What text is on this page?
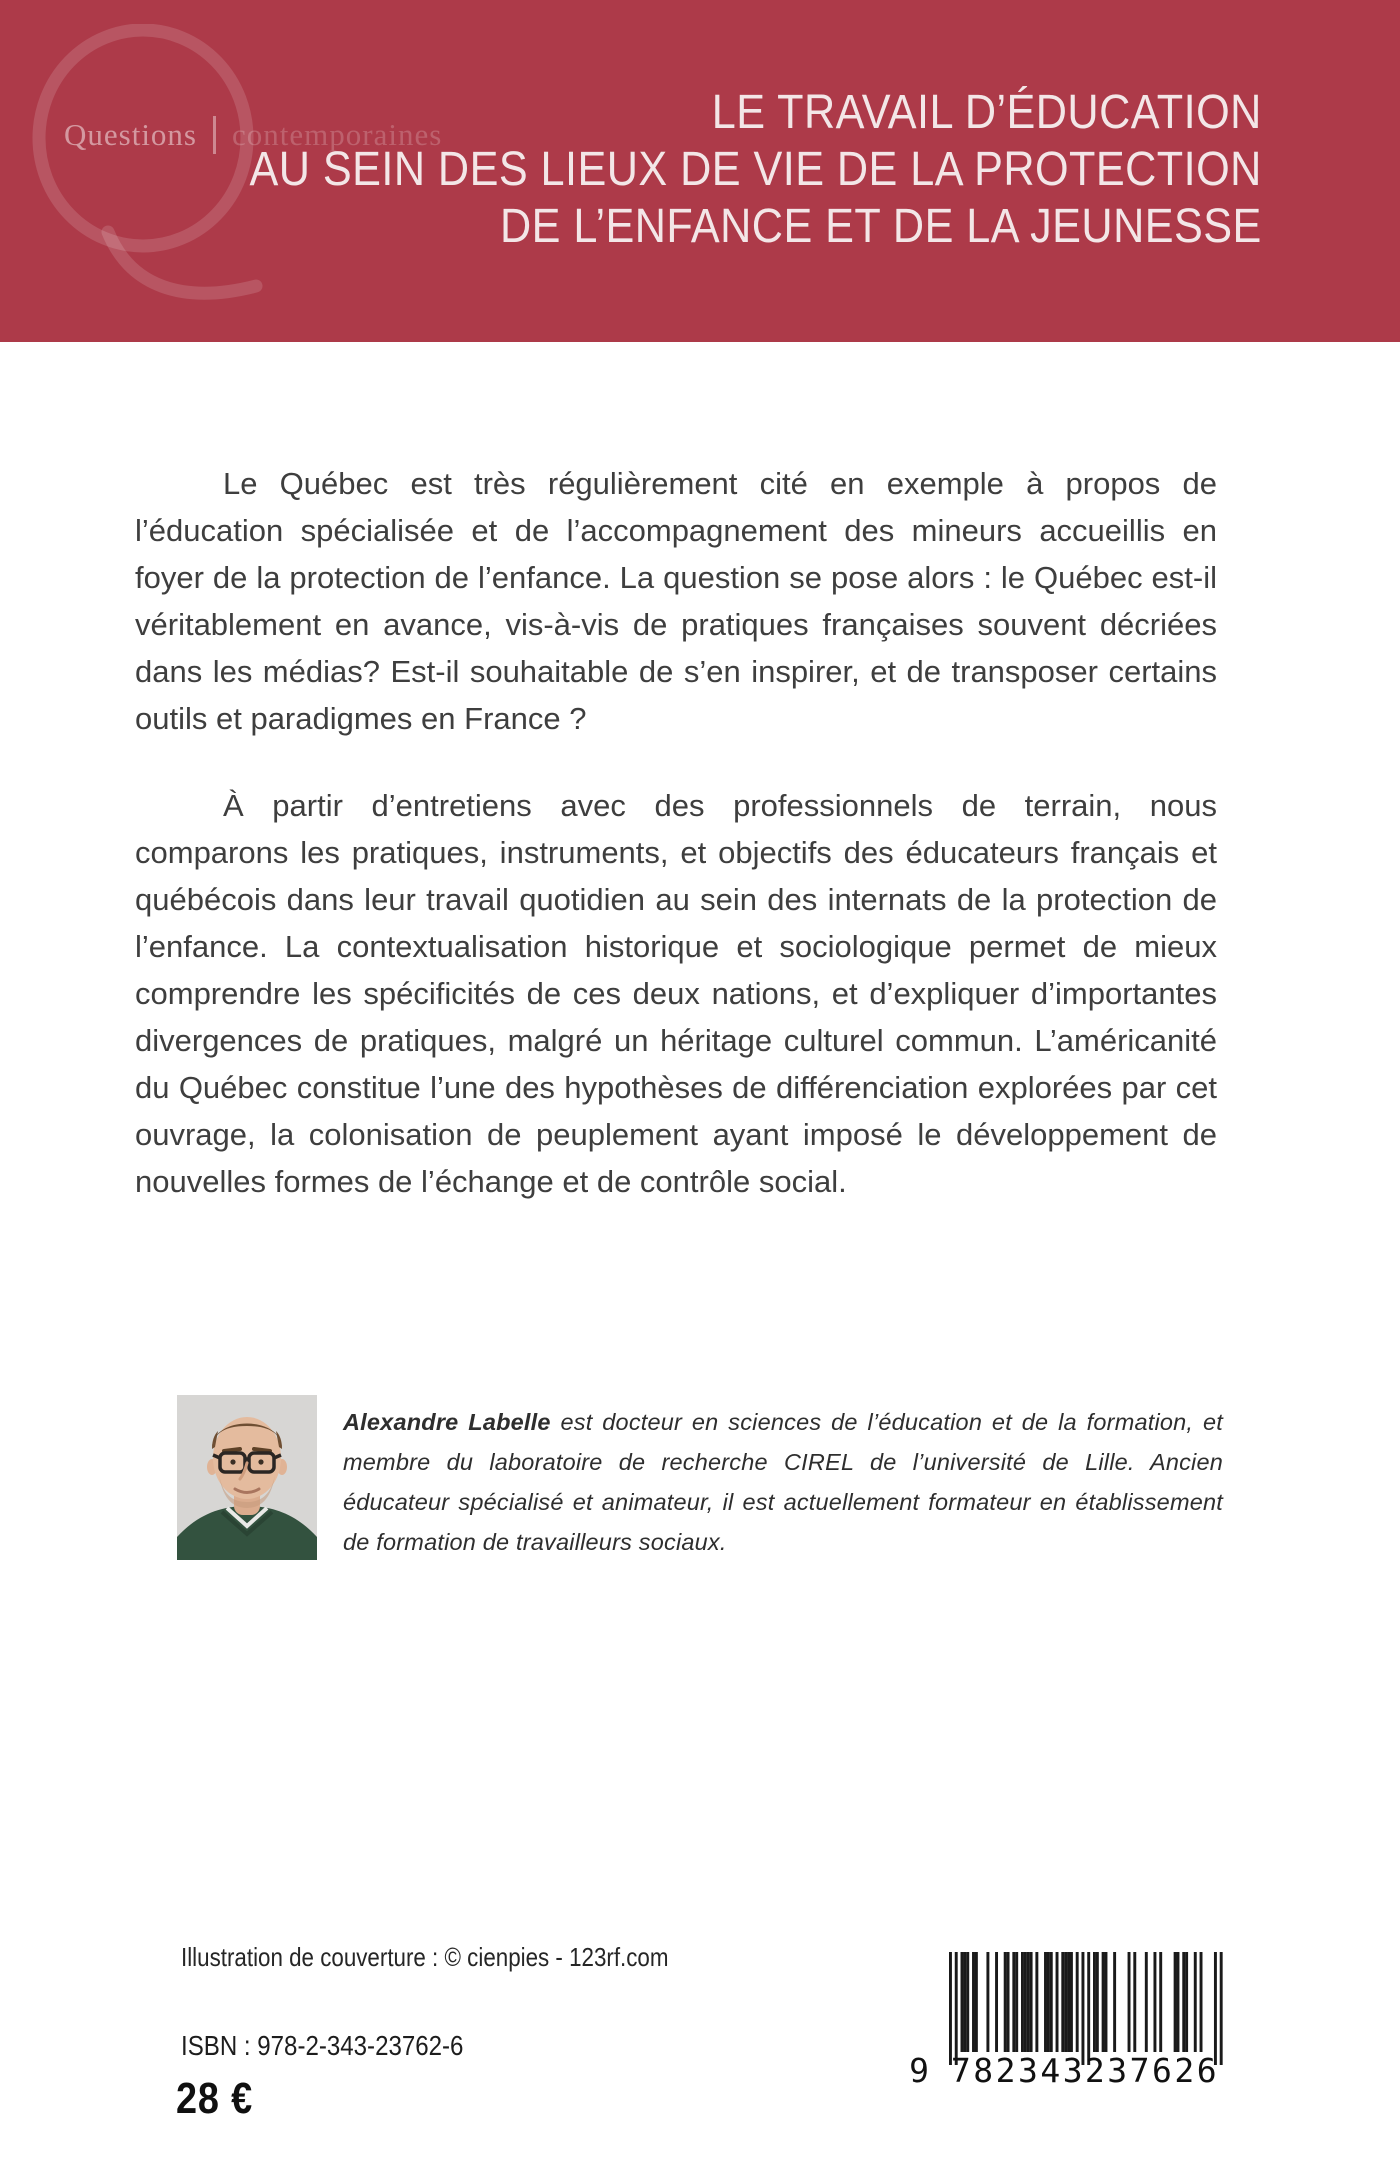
Questions contemporaines	LE TRAVAIL D’ÉDUCATION
AU SEIN DES LIEUX DE VIE DE LA PROTECTION
DE L’ENFANCE ET DE LA JEUNESSE

Le Québec est très régulièrement cité en exemple à propos de l’éducation spécialisée et de l’accompagnement des mineurs accueillis en foyer de la protection de l’enfance. La question se pose alors : le Québec est-il véritablement en avance, vis-à-vis de pratiques françaises souvent décriées dans les médias? Est-il souhaitable de s’en inspirer, et de transposer certains outils et paradigmes en France ?

À partir d’entretiens avec des professionnels de terrain, nous comparons les pratiques, instruments, et objectifs des éducateurs français et québécois dans leur travail quotidien au sein des internats de la protection de l’enfance. La contextualisation historique et sociologique permet de mieux comprendre les spécificités de ces deux nations, et d’expliquer d’importantes divergences de pratiques, malgré un héritage culturel commun. L’américanité du Québec constitue l’une des hypothèses de différenciation explorées par cet ouvrage, la colonisation de peuplement ayant imposé le développement de nouvelles formes de l’échange et de contrôle social.

Alexandre Labelle est docteur en sciences de l’éducation et de la formation, et membre du laboratoire de recherche CIREL de l’université de Lille. Ancien éducateur spécialisé et animateur, il est actuellement formateur en établissement de formation de travailleurs sociaux.
Illustration de couverture : © cienpies - 123rf.com
ISBN : 978-2-343-23762-6
28 €
9 782343 237626
